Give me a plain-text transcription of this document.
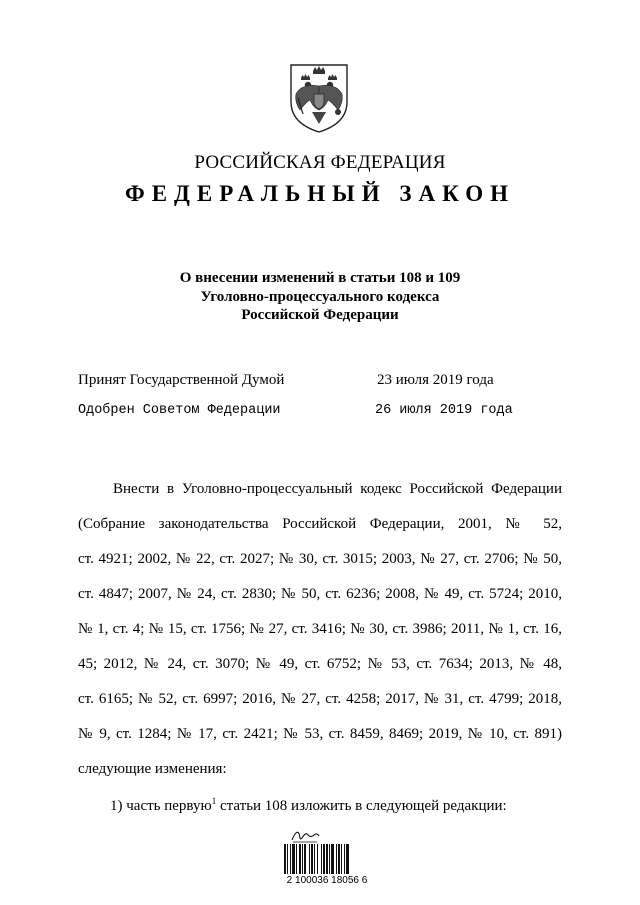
РОССИЙСКАЯ ФЕДЕРАЦИЯ
ФЕДЕРАЛЬНЫЙ ЗАКОН
О внесении изменений в статьи 108 и 109
Уголовно-процессуального кодекса
Российской Федерации
Принят Государственной Думой	23 июля 2019 года
Одобрен Советом Федерации	26 июля 2019 года
Внести в Уголовно-процессуальный кодекс Российской Федерации
(Собрание законодательства Российской Федерации, 2001, № 52,
ст. 4921; 2002, № 22, ст. 2027; № 30, ст. 3015; 2003, № 27, ст. 2706; № 50,
ст. 4847; 2007, № 24, ст. 2830; № 50, ст. 6236; 2008, № 49, ст. 5724; 2010,
№ 1, ст. 4; № 15, ст. 1756; № 27, ст. 3416; № 30, ст. 3986; 2011, № 1, ст. 16,
45; 2012, № 24, ст. 3070; № 49, ст. 6752; № 53, ст. 7634; 2013, № 48,
ст. 6165; № 52, ст. 6997; 2016, № 27, ст. 4258; 2017, № 31, ст. 4799; 2018,
№ 9, ст. 1284; № 17, ст. 2421; № 53, ст. 8459, 8469; 2019, № 10, ст. 891)
следующие изменения:
1) часть первую$^1$ статьи 108 изложить в следующей редакции:
2 100036 18056 6
